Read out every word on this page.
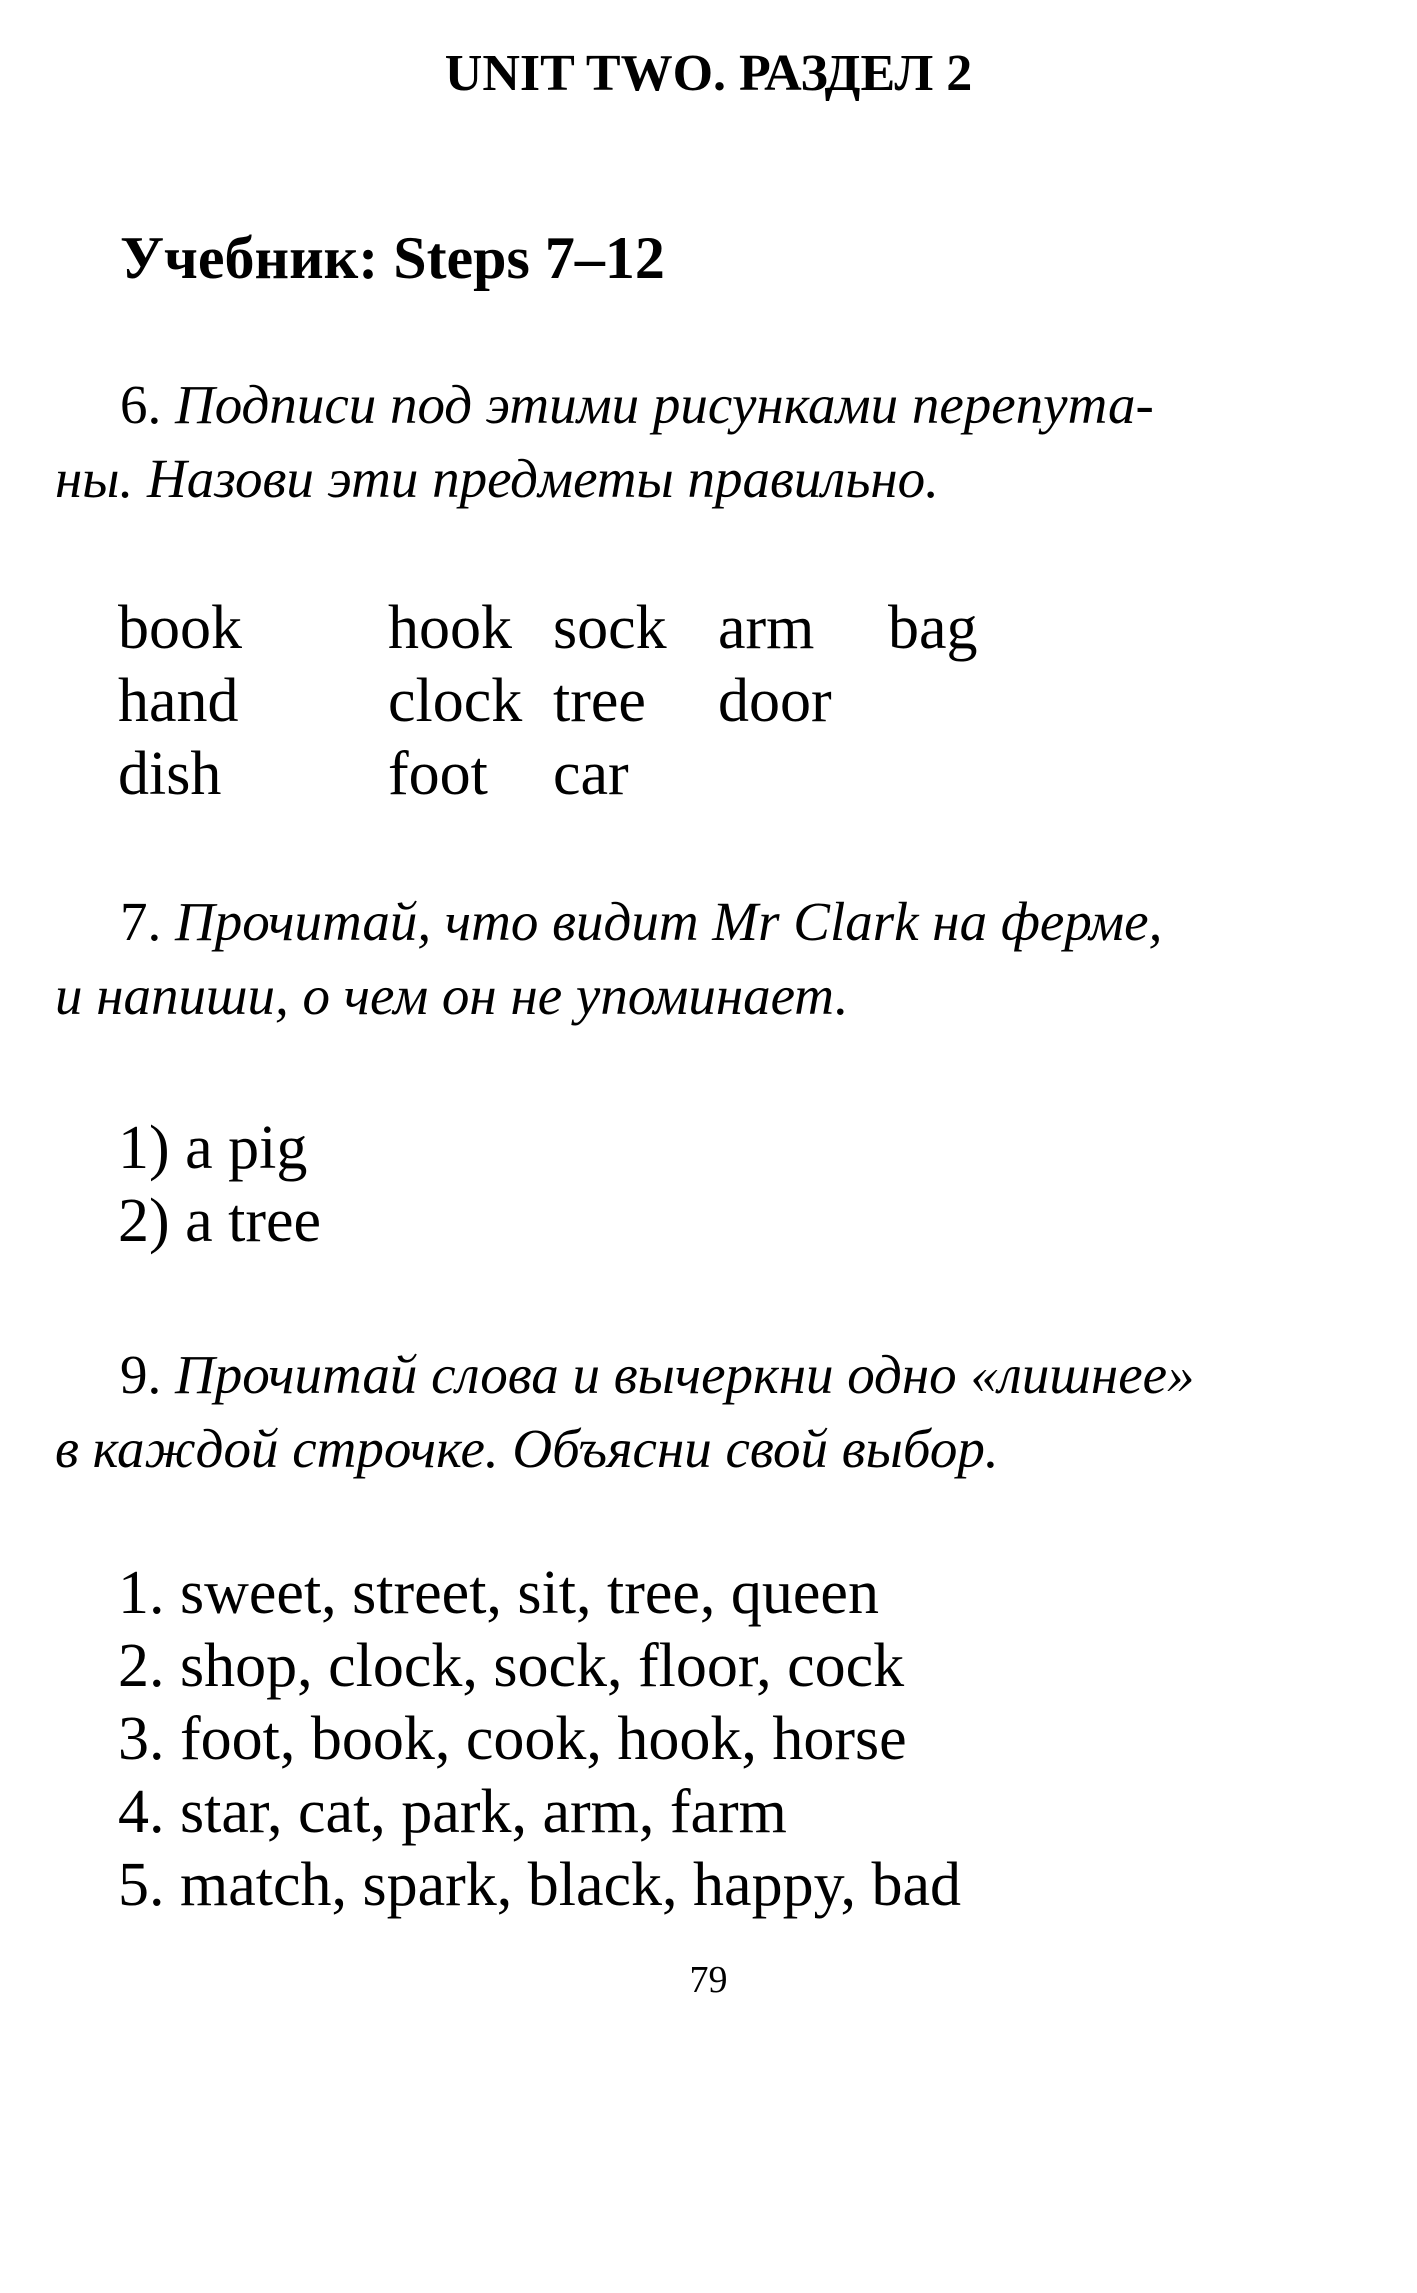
UNIT TWO. РАЗДЕЛ 2
Учебник: Steps 7–12
6. Подписи под этими рисунками перепута-
ны. Назови эти предметы правильно.
book hook sock arm bag
hand clock tree door
dish	foot car
7. Прочитай, что видит Mr Clark на ферме,
и напиши, о чем он не упоминает.
1) a pig
2) a tree
9. Прочитай слова и вычеркни одно «лишнее»
в каждой строчке. Объясни свой выбор.
1. sweet, street, sit, tree, queen
2. shop, clock, sock, floor, cock
3. foot, book, cook, hook, horse
4. star, cat, park, arm, farm
5. match, spark, black, happy, bad
79
